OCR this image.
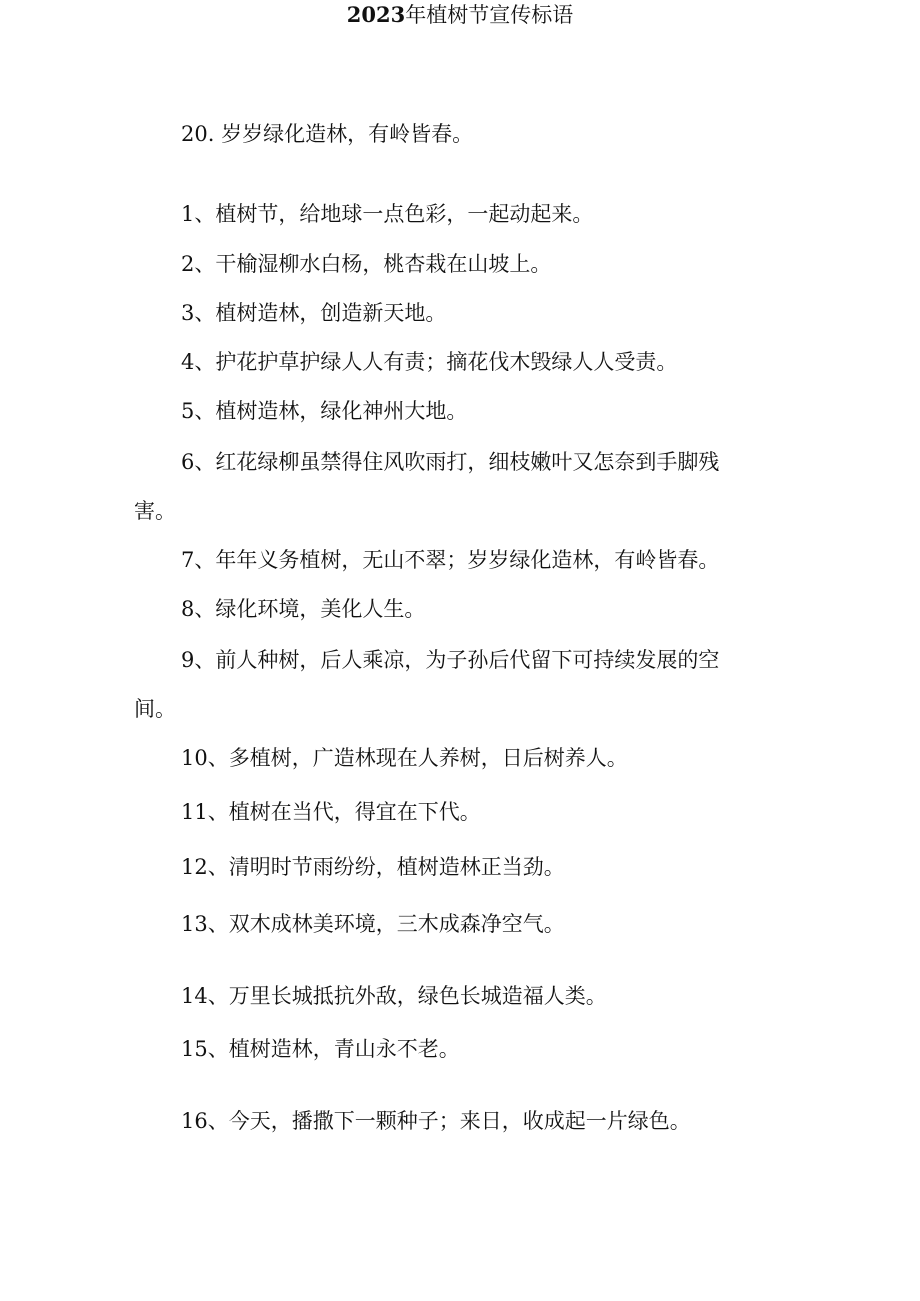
20. 岁岁绿化造林，有岭皆春。
2023年植树节宣传标语
1、植树节，给地球一点色彩，一起动起来。
2、干榆湿柳水白杨，桃杏栽在山坡上。
3、植树造林，创造新天地。
4、护花护草护绿人人有责；摘花伐木毁绿人人受责。
5、植树造林，绿化神州大地。
6、红花绿柳虽禁得住风吹雨打，细枝嫩叶又怎奈到手脚残
害。
7、年年义务植树，无山不翠；岁岁绿化造林，有岭皆春。
8、绿化环境，美化人生。
9、前人种树，后人乘凉，为子孙后代留下可持续发展的空
间。
10、多植树，广造林现在人养树，日后树养人。
11、植树在当代，得宜在下代。
12、清明时节雨纷纷，植树造林正当劲。
13、双木成林美环境，三木成森净空气。
14、万里长城抵抗外敌，绿色长城造福人类。
15、植树造林，青山永不老。
16、今天，播撒下一颗种子；来日，收成起一片绿色。
